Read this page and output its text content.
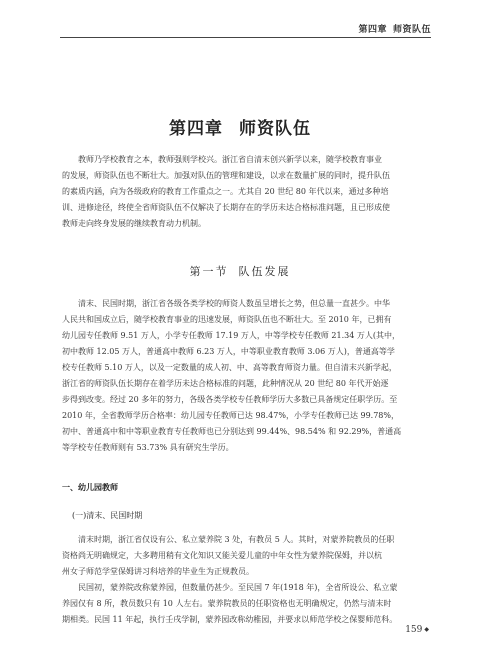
第四章 师资队伍
第四章 师资队伍
教师乃学校教育之本，教师强则学校兴。浙江省自清末创兴新学以来，随学校教育事业
的发展，师资队伍也不断壮大。加强对队伍的管理和建设，以求在数量扩展的同时，提升队伍
的素质内涵，向为各级政府的教育工作重点之一。尤其自 20 世纪 80 年代以来，通过多种培
训、进修途径，终使全省师资队伍不仅解决了长期存在的学历未达合格标准问题，且已形成使
教师走向终身发展的继续教育动力机制。
第一节 队伍发展
清末、民国时期，浙江省各级各类学校的师资人数虽呈增长之势，但总量一直甚少。中华
人民共和国成立后，随学校教育事业的迅速发展，师资队伍也不断壮大。至 2010 年，已拥有
幼儿园专任教师 9.51 万人，小学专任教师 17.19 万人，中等学校专任教师 21.34 万人(其中，
初中教师 12.05 万人，普通高中教师 6.23 万人，中等职业教育教师 3.06 万人)，普通高等学
校专任教师 5.10 万人，以及一定数量的成人初、中、高等教育师资力量。但自清末兴新学起，
浙江省的师资队伍长期存在着学历未达合格标准的问题，此种情况从 20 世纪 80 年代开始逐
步得到改变。经过 20 多年的努力，各级各类学校专任教师学历大多数已具备规定任职学历。至
2010 年，全省教师学历合格率：幼儿园专任教师已达 98.47%，小学专任教师已达 99.78%，
初中、普通高中和中等职业教育专任教师也已分别达到 99.44%、98.54% 和 92.29%，普通高
等学校专任教师则有 53.73% 具有研究生学历。
一、幼儿园教师
(一)清末、民国时期
清末时期，浙江省仅设有公、私立蒙养院 3 处，有教员 5 人。其时，对蒙养院教员的任职
资格尚无明确规定，大多聘用稍有文化知识又能关爱儿童的中年女性为蒙养院保姆，并以杭
州女子师范学堂保姆讲习科培养的毕业生为正规教员。
民国初，蒙养院改称蒙养园，但数量仍甚少。至民国 7 年(1918 年)，全省所设公、私立蒙
养园仅有 8 所，教员数只有 10 人左右。蒙养院教员的任职资格也无明确规定，仍然与清末时
期相类。民国 11 年起，执行壬戌学制，蒙养园改称幼稚园，并要求以师范学校之保婴师范科。
159 ◆
